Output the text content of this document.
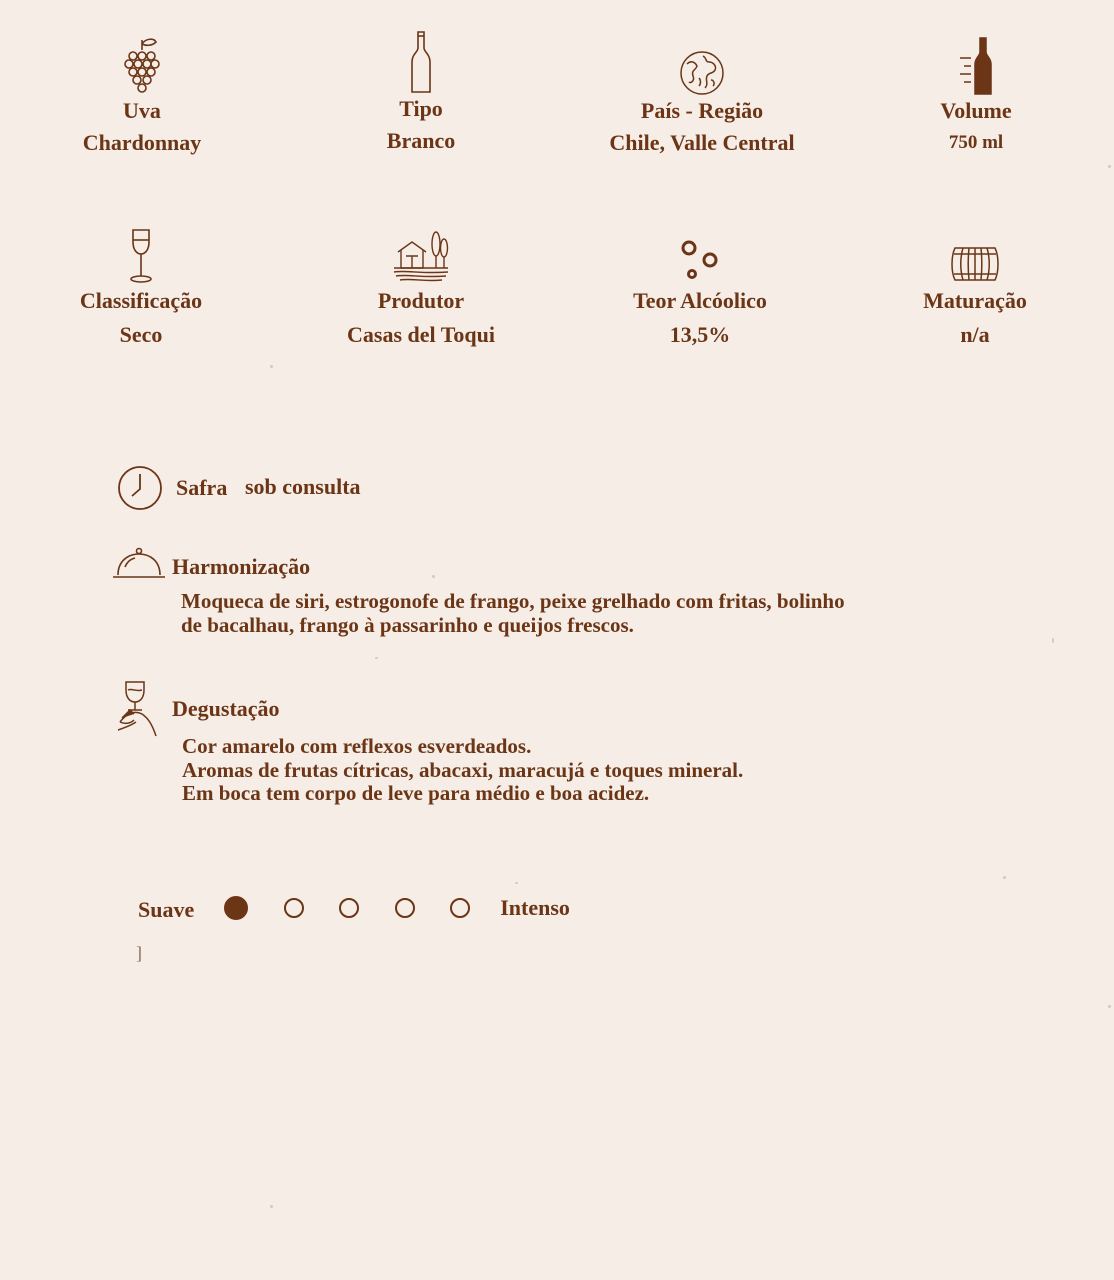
Uva
Chardonnay
Tipo
Branco
País - Região
Chile, Valle Central
Volume
750 ml
Classificação
Seco
Produtor
Casas del Toqui
Teor Alcóolico
13,5%
Maturação
n/a
Safra sob consulta
Harmonização
Moqueca de siri, estrogonofe de frango, peixe grelhado com fritas, bolinho
de bacalhau, frango à passarinho e queijos frescos.
Degustação
Cor amarelo com reflexos esverdeados.
Aromas de frutas cítricas, abacaxi, maracujá e toques mineral.
Em boca tem corpo de leve para médio e boa acidez.
Suave	Intenso
]
